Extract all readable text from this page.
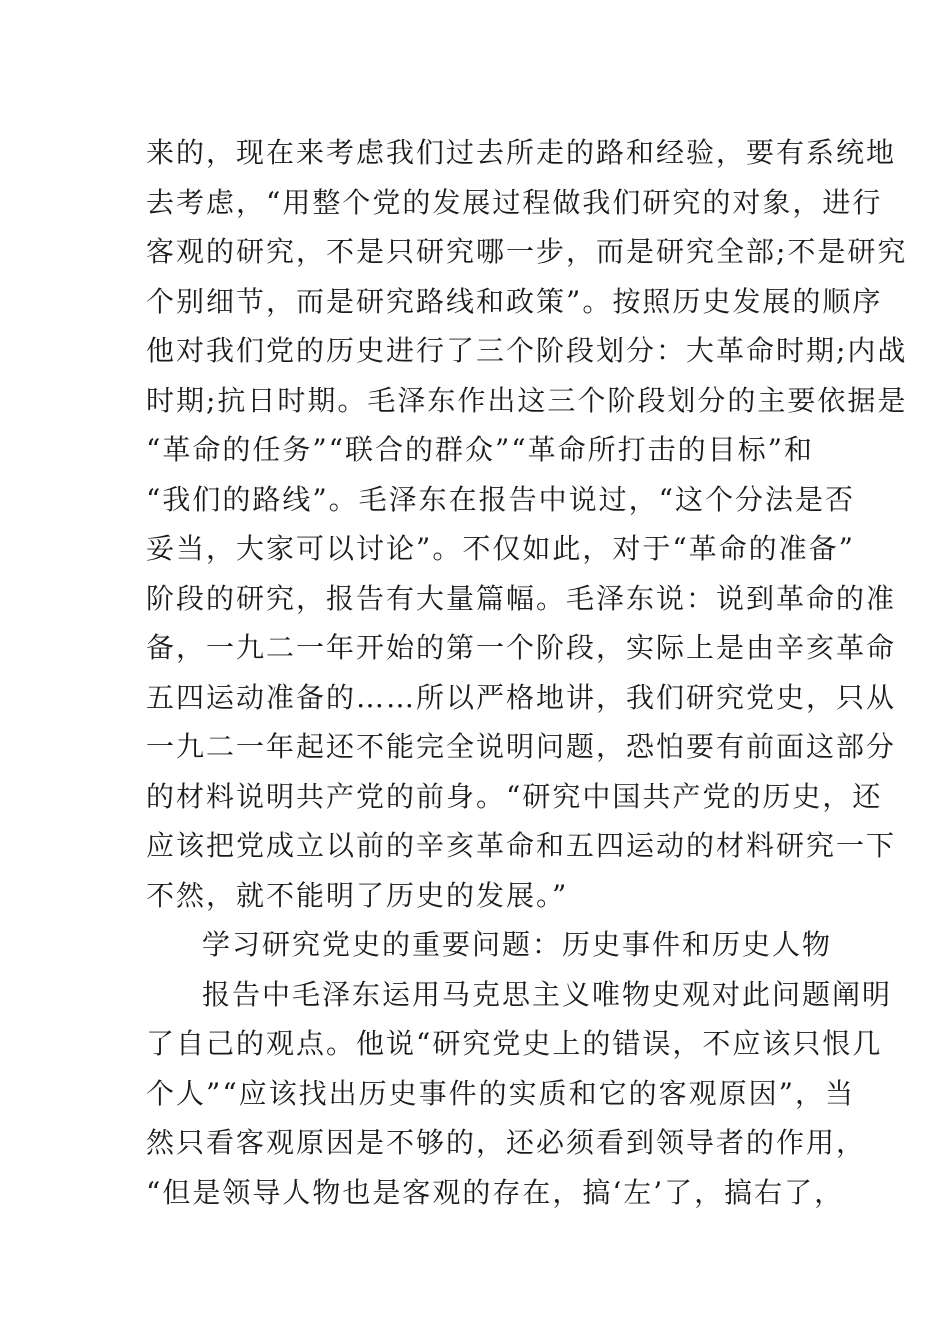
来的，现在来考虑我们过去所走的路和经验，要有系统地
去考虑，“用整个党的发展过程做我们研究的对象，进行
客观的研究，不是只研究哪一步，而是研究全部;不是研究
个别细节，而是研究路线和政策”。按照历史发展的顺序
他对我们党的历史进行了三个阶段划分：大革命时期;内战
时期;抗日时期。毛泽东作出这三个阶段划分的主要依据是
“革命的任务”“联合的群众”“革命所打击的目标”和
“我们的路线”。毛泽东在报告中说过，“这个分法是否
妥当，大家可以讨论”。不仅如此，对于“革命的准备”
阶段的研究，报告有大量篇幅。毛泽东说：说到革命的准
备，一九二一年开始的第一个阶段，实际上是由辛亥革命
五四运动准备的……所以严格地讲，我们研究党史，只从
一九二一年起还不能完全说明问题，恐怕要有前面这部分
的材料说明共产党的前身。“研究中国共产党的历史，还
应该把党成立以前的辛亥革命和五四运动的材料研究一下
不然，就不能明了历史的发展。”
学习研究党史的重要问题：历史事件和历史人物
报告中毛泽东运用马克思主义唯物史观对此问题阐明
了自己的观点。他说“研究党史上的错误，不应该只恨几
个人”“应该找出历史事件的实质和它的客观原因”，当
然只看客观原因是不够的，还必须看到领导者的作用，
“但是领导人物也是客观的存在，搞‘左’了，搞右了，
